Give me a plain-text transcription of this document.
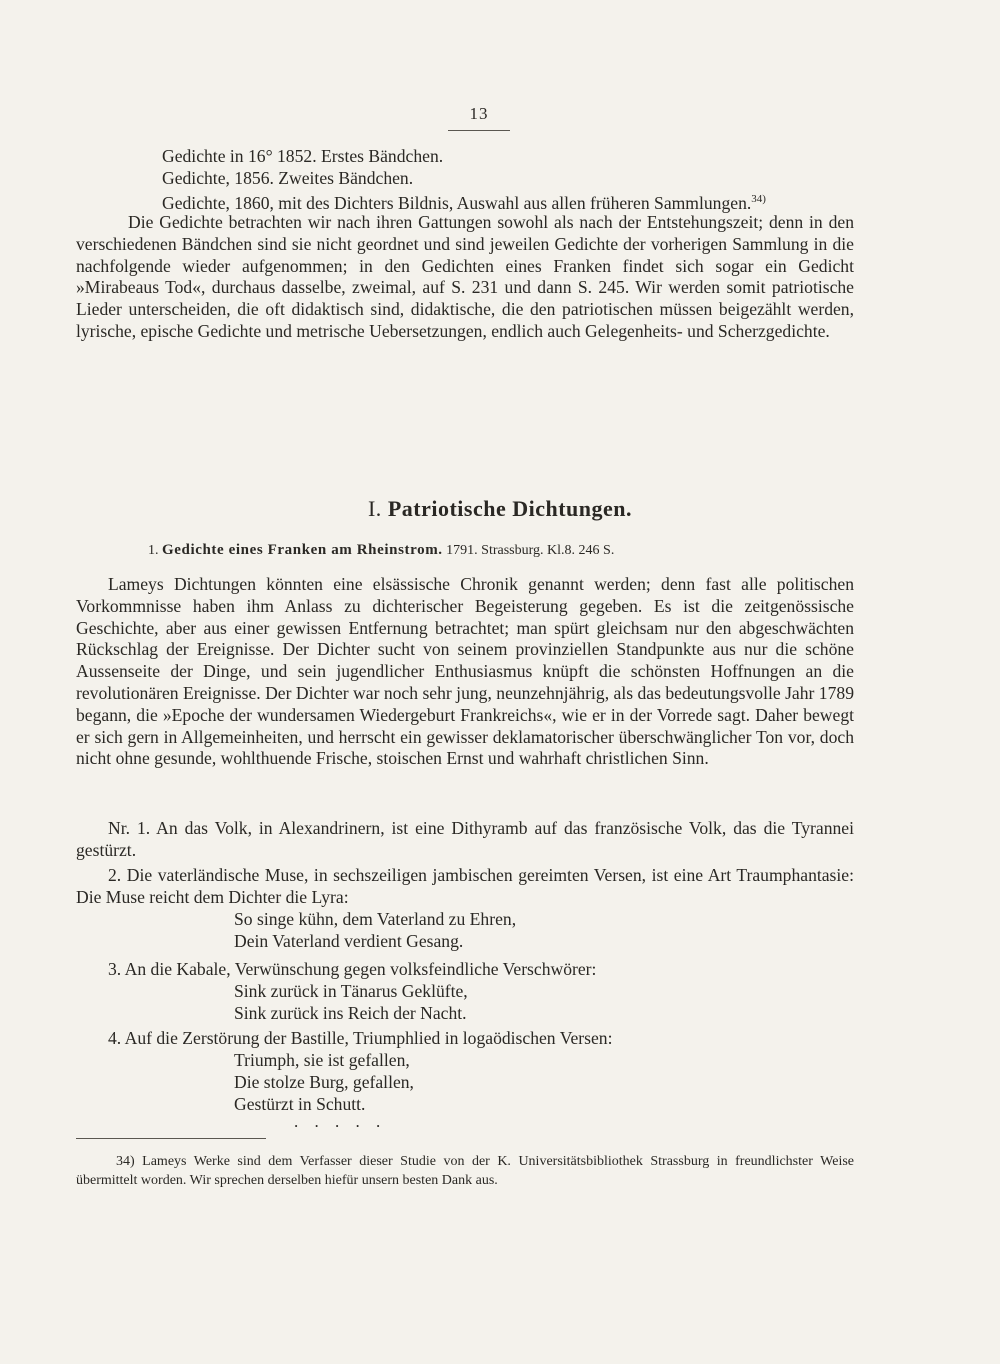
13
Gedichte in 16° 1852. Erstes Bändchen.
Gedichte, 1856. Zweites Bändchen.
Gedichte, 1860, mit des Dichters Bildnis, Auswahl aus allen früheren Sammlungen.$^{34)}$

Die Gedichte betrachten wir nach ihren Gattungen sowohl als nach der Entstehungszeit; denn in den verschiedenen Bändchen sind sie nicht geordnet und sind jeweilen Gedichte der vorherigen Sammlung in die nachfolgende wieder aufgenommen; in den Gedichten eines Franken findet sich sogar ein Gedicht »Mirabeaus Tod«, durchaus dasselbe, zweimal, auf S. 231 und dann S. 245. Wir werden somit patriotische Lieder unterscheiden, die oft didaktisch sind, didaktische, die den patriotischen müssen beigezählt werden, lyrische, epische Gedichte und metrische Uebersetzungen, endlich auch Gelegenheits- und Scherzgedichte.

I. Patriotische Dichtungen.
1. Gedichte eines Franken am Rheinstrom. 1791. Strassburg. Kl.8. 246 S.

Lameys Dichtungen könnten eine elsässische Chronik genannt werden; denn fast alle politischen Vorkommnisse haben ihm Anlass zu dichterischer Begeisterung gegeben. Es ist die zeitgenössische Geschichte, aber aus einer gewissen Entfernung betrachtet; man spürt gleichsam nur den abgeschwächten Rückschlag der Ereignisse. Der Dichter sucht von seinem provinziellen Standpunkte aus nur die schöne Aussenseite der Dinge, und sein jugendlicher Enthusiasmus knüpft die schönsten Hoffnungen an die revolutionären Ereignisse. Der Dichter war noch sehr jung, neunzehnjährig, als das bedeutungsvolle Jahr 1789 begann, die »Epoche der wundersamen Wiedergeburt Frankreichs«, wie er in der Vorrede sagt. Daher bewegt er sich gern in Allgemeinheiten, und herrscht ein gewisser deklamatorischer überschwänglicher Ton vor, doch nicht ohne gesunde, wohlthuende Frische, stoischen Ernst und wahrhaft christlichen Sinn.

Nr. 1. An das Volk, in Alexandrinern, ist eine Dithyramb auf das französische Volk, das die Tyrannei gestürzt.

2. Die vaterländische Muse, in sechszeiligen jambischen gereimten Versen, ist eine Art Traumphantasie: Die Muse reicht dem Dichter die Lyra:

So singe kühn, dem Vaterland zu Ehren,
Dein Vaterland verdient Gesang.

3. An die Kabale, Verwünschung gegen volksfeindliche Verschwörer:

Sink zurück in Tänarus Geklüfte,
Sink zurück ins Reich der Nacht.

4. Auf die Zerstörung der Bastille, Triumphlied in logaödischen Versen:

Triumph, sie ist gefallen,
Die stolze Burg, gefallen,
Gestürzt in Schutt.
. . . . .

34) Lameys Werke sind dem Verfasser dieser Studie von der K. Universitätsbibliothek Strassburg in freundlichster Weise übermittelt worden. Wir sprechen derselben hiefür unsern besten Dank aus.
